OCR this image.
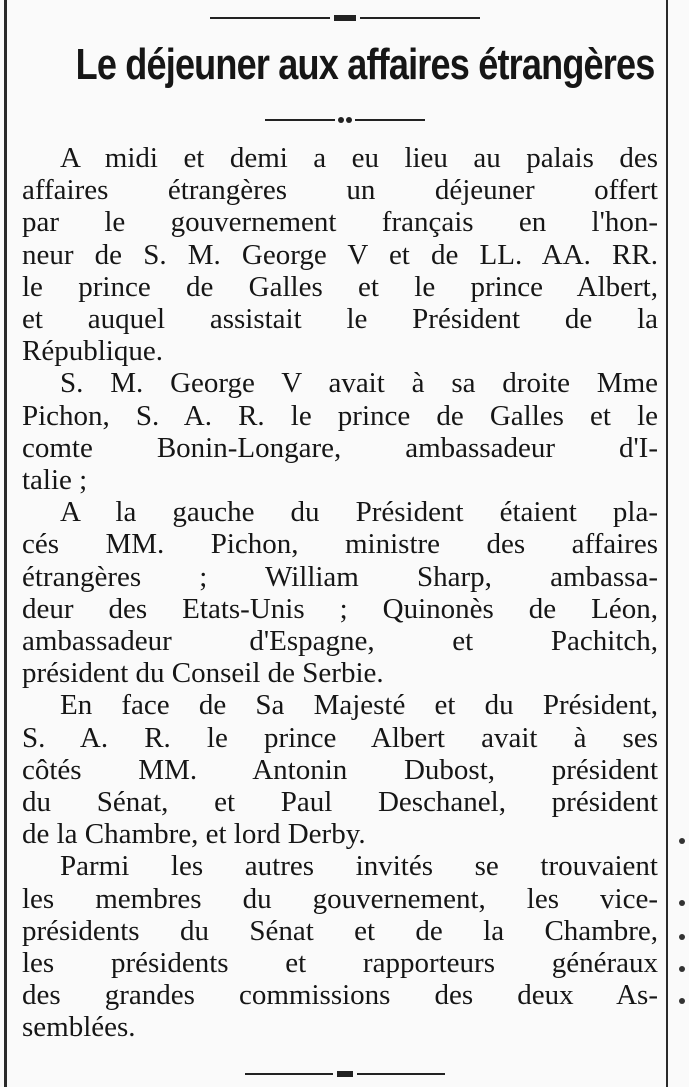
Le déjeuner aux affaires étrangères

A midi et demi a eu lieu au palais des
affaires étrangères un déjeuner offert
par le gouvernement français en l'hon-
neur de S. M. George V et de LL. AA. RR.
le prince de Galles et le prince Albert,
et auquel assistait le Président de la
République.

S. M. George V avait à sa droite Mme
Pichon, S. A. R. le prince de Galles et le
comte Bonin-Longare, ambassadeur d'I-
talie ;

A la gauche du Président étaient pla-
cés MM. Pichon, ministre des affaires
étrangères ; William Sharp, ambassa-
deur des Etats-Unis ; Quinonès de Léon,
ambassadeur d'Espagne, et Pachitch,
président du Conseil de Serbie.

En face de Sa Majesté et du Président,
S. A. R. le prince Albert avait à ses
côtés MM. Antonin Dubost, président
du Sénat, et Paul Deschanel, président
de la Chambre, et lord Derby.

Parmi les autres invités se trouvaient
les membres du gouvernement, les vice-
présidents du Sénat et de la Chambre,
les présidents et rapporteurs généraux
des grandes commissions des deux As-
semblées.
